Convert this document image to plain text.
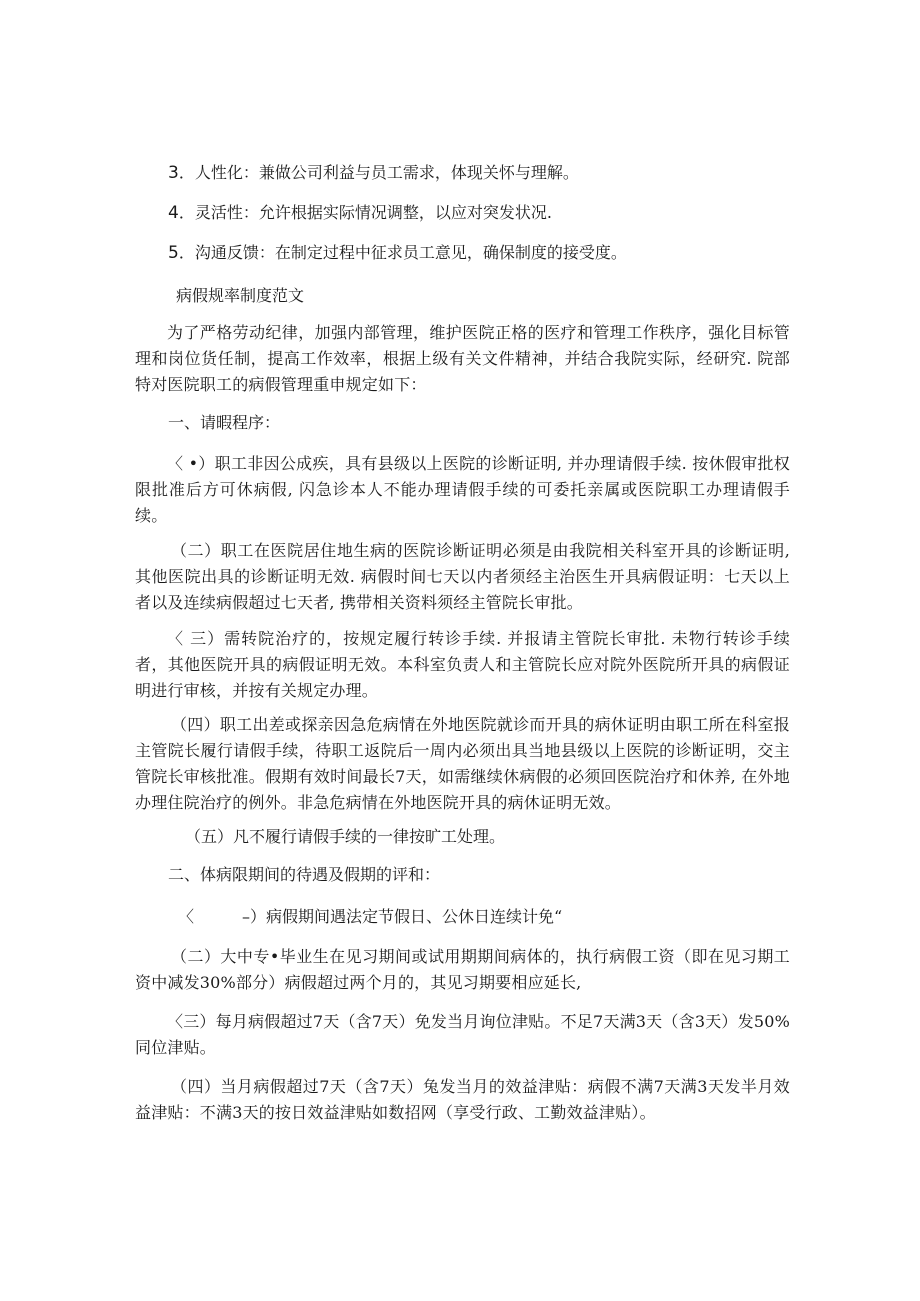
3．人性化：兼做公司利益与员工需求，体现关怀与理解。
4．灵活性：允许根据实际情况调整，以应对突发状况.
5．沟通反馈：在制定过程中征求员工意见，确保制度的接受度。
病假规率制度范文
为了严格劳动纪律，加强内部管理，维护医院正格的医疗和管理工作秩序，强化目标管理和岗位货任制，提高工作效率，根据上级有关文件精神，并结合我院实际，经研究. 院部特对医院职工的病假管理重申规定如下：
一、请暇程序：
〈 •）职工非因公成疾，具有县级以上医院的诊断证明, 并办理请假手续. 按休假审批权限批准后方可休病假, 闪急诊本人不能办理请假手续的可委托亲属或医院职工办理请假手续。
（二）职工在医院居住地生病的医院诊断证明必须是由我院相关科室开具的诊断证明, 其他医院出具的诊断证明无效. 病假时间七天以内者须经主治医生开具病假证明：七天以上者以及连续病假超过七天者, 携带相关资料须经主管院长审批。
〈 三）需转院治疗的，按规定履行转诊手续. 并报请主管院长审批. 未物行转诊手续者，其他医院开具的病假证明无效。本科室负责人和主管院长应对院外医院所开具的病假证明进行审核，并按有关规定办理。
（四）职工出差或探亲因急危病情在外地医院就诊而开具的病休证明由职工所在科室报主管院长履行请假手续，待职工返院后一周内必须出具当地县级以上医院的诊断证明，交主管院长审核批准。假期有效时间最长7天，如需继续休病假的必须回医院治疗和休养, 在外地办理住院治疗的例外。非急危病情在外地医院开具的病休证明无效。
（五）凡不履行请假手续的一律按旷工处理。
二、体病限期间的待遇及假期的评和：
〈　　　–）病假期间遇法定节假日、公休日连续计免“
（二）大中专•毕业生在见习期间或试用期期间病体的，执行病假工资（即在见习期工资中减发30%部分）病假超过两个月的，其见习期要相应延长,
〈三）每月病假超过7天（含7天）免发当月询位津贴。不足7天满3天（含3天）发50%同位津贴。
（四）当月病假超过7天（含7天）兔发当月的效益津贴：病假不满7天满3天发半月效益津贴：不满3天的按日效益津贴如数招网（享受行政、工勤效益津贴）。
